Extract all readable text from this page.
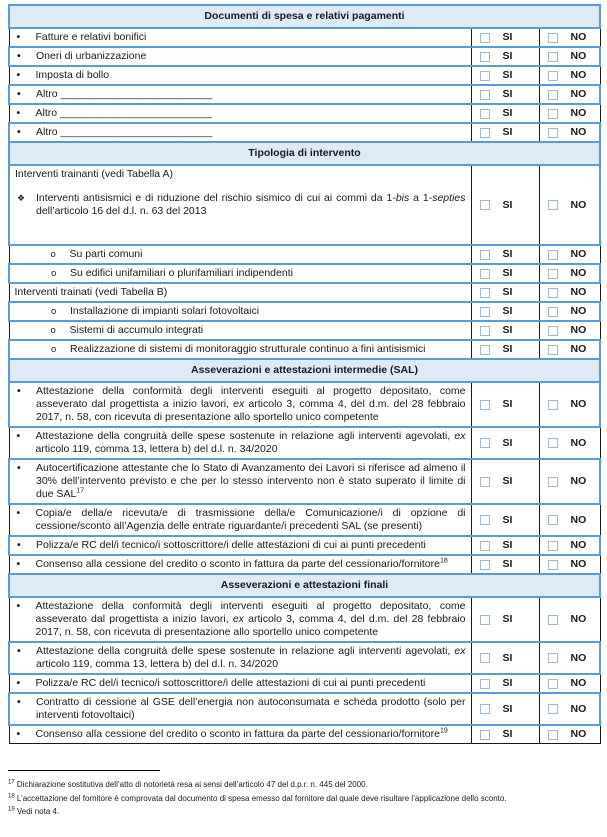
Documenti di spesa e relativi pagamenti		

• Fatture e relativi bonifici	SI	NO

• Oneri di urbanizzazione	SI	NO

• Imposta di bollo	SI	NO

• Altro __________________________	SI	NO

• Altro __________________________	SI	NO

• Altro __________________________	SI	NO

Tipologia di intervento		

Interventi trainanti (vedi Tabella A)
❖ Interventi antisismici e di riduzione del rischio sismico di cui ai commi da 1-bis a 1-septies dell’articolo 16 del d.l. n. 63 del 2013	SI	NO

o Su parti comuni	SI	NO

o Su edifici unifamiliari o plurifamiliari indipendenti	SI	NO

Interventi trainati (vedi Tabella B)	SI	NO

o Installazione di impianti solari fotovoltaici	SI	NO

o Sistemi di accumulo integrati	SI	NO

o Realizzazione di sistemi di monitoraggio strutturale continuo a fini antisismici	SI	NO

Asseverazioni e attestazioni intermedie (SAL)		

• Attestazione della conformità degli interventi eseguiti al progetto depositato, come asseverato dal progettista a inizio lavori, ex articolo 3, comma 4, del d.m. del 28 febbraio 2017, n. 58, con ricevuta di presentazione allo sportello unico competente	SI	NO

• Attestazione della congruità delle spese sostenute in relazione agli interventi agevolati, ex articolo 119, comma 13, lettera b) del d.l. n. 34/2020	SI	NO

• Autocertificazione attestante che lo Stato di Avanzamento dei Lavori si riferisce ad almeno il 30% dell’intervento previsto e che per lo stesso intervento non è stato superato il limite di due SAL$^{17}$	SI	NO

• Copia/e della/e ricevuta/e di trasmissione della/e Comunicazione/i di opzione di cessione/sconto all’Agenzia delle entrate riguardante/i precedenti SAL (se presenti)	SI	NO

• Polizza/e RC del/i tecnico/i sottoscrittore/i delle attestazioni di cui ai punti precedenti	SI	NO

• Consenso alla cessione del credito o sconto in fattura da parte del cessionario/fornitore$^{18}$	SI	NO

Asseverazioni e attestazioni finali		

• Attestazione della conformità degli interventi eseguiti al progetto depositato, come asseverato dal progettista a inizio lavori, ex articolo 3, comma 4, del d.m. del 28 febbraio 2017, n. 58, con ricevuta di presentazione allo sportello unico competente	SI	NO

• Attestazione della congruità delle spese sostenute in relazione agli interventi agevolati, ex articolo 119, comma 13, lettera b) del d.l. n. 34/2020	SI	NO

• Polizza/e RC del/i tecnico/i sottoscrittore/i delle attestazioni di cui ai punti precedenti	SI	NO

• Contratto di cessione al GSE dell’energia non autoconsumata e scheda prodotto (solo per interventi fotovoltaici)	SI	NO

• Consenso alla cessione del credito o sconto in fattura da parte del cessionario/fornitore$^{19}$	SI	NO
$^{17}$ Dichiarazione sostitutiva dell’atto di notorietà resa ai sensi dell’articolo 47 del d.p.r. n. 445 del 2000.
$^{18}$ L’accettazione del fornitore è comprovata dal documento di spesa emesso dal fornitore dal quale deve risultare l’applicazione dello sconto.
$^{19}$ Vedi nota 4.
